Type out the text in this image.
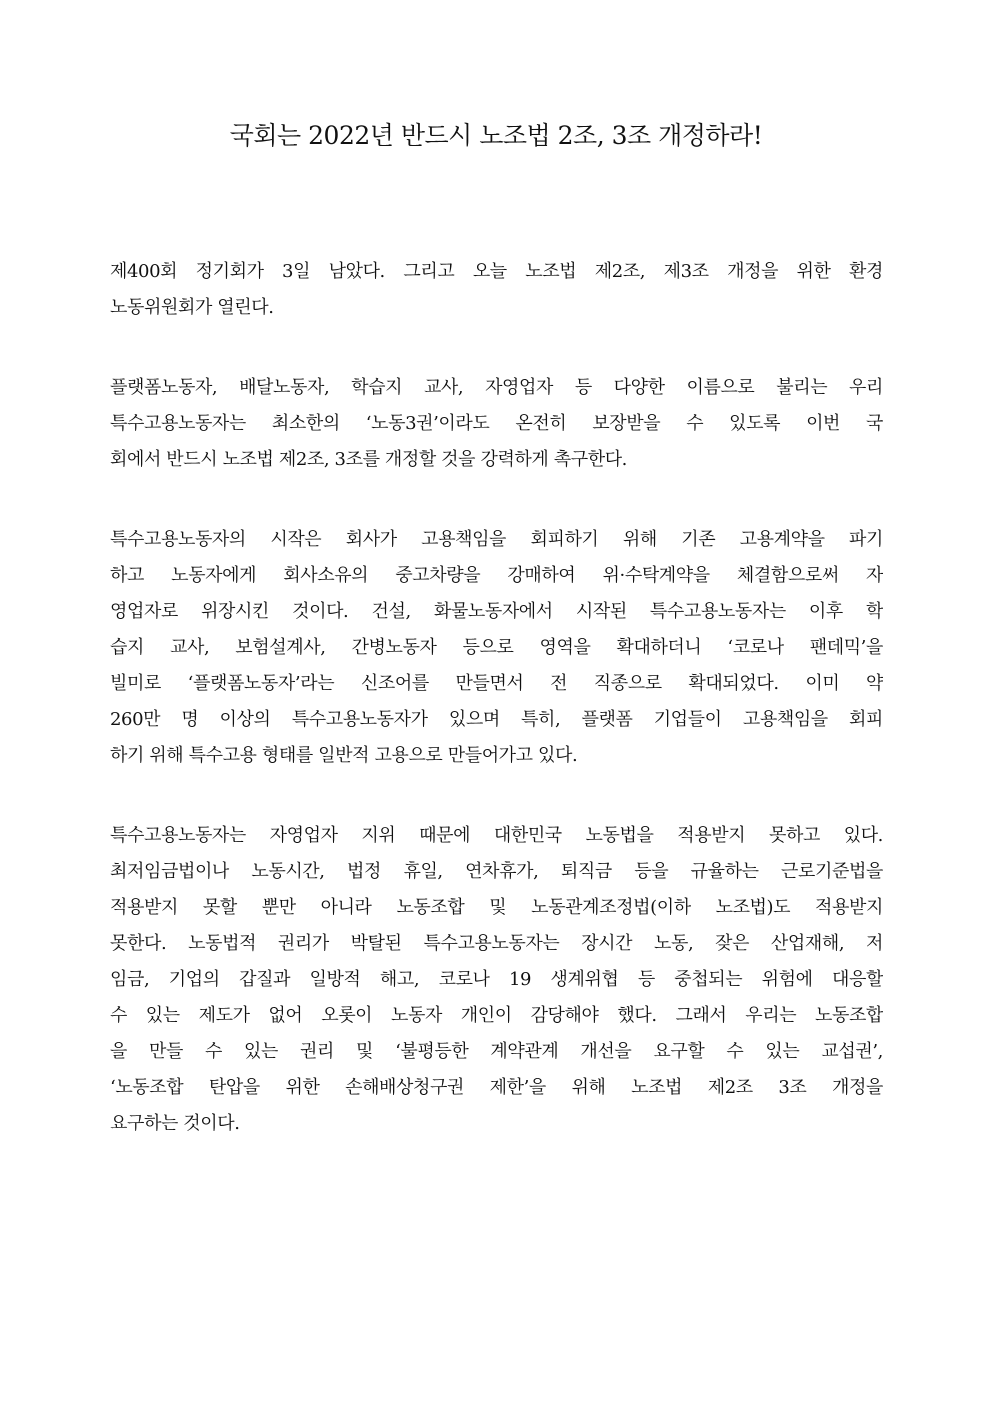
국회는 2022년 반드시 노조법 2조, 3조 개정하라!
제400회 정기회가 3일 남았다. 그리고 오늘 노조법 제2조, 제3조 개정을 위한 환경
노동위원회가 열린다.
플랫폼노동자, 배달노동자, 학습지 교사, 자영업자 등 다양한 이름으로 불리는 우리
특수고용노동자는 최소한의 ‘노동3권’이라도 온전히 보장받을 수 있도록 이번 국
회에서 반드시 노조법 제2조, 3조를 개정할 것을 강력하게 촉구한다.
특수고용노동자의 시작은 회사가 고용책임을 회피하기 위해 기존 고용계약을 파기
하고 노동자에게 회사소유의 중고차량을 강매하여 위·수탁계약을 체결함으로써 자
영업자로 위장시킨 것이다. 건설, 화물노동자에서 시작된 특수고용노동자는 이후 학
습지 교사, 보험설계사, 간병노동자 등으로 영역을 확대하더니 ‘코로나 팬데믹’을
빌미로 ‘플랫폼노동자’라는 신조어를 만들면서 전 직종으로 확대되었다. 이미 약
260만 명 이상의 특수고용노동자가 있으며 특히, 플랫폼 기업들이 고용책임을 회피
하기 위해 특수고용 형태를 일반적 고용으로 만들어가고 있다.
특수고용노동자는 자영업자 지위 때문에 대한민국 노동법을 적용받지 못하고 있다.
최저임금법이나 노동시간, 법정 휴일, 연차휴가, 퇴직금 등을 규율하는 근로기준법을
적용받지 못할 뿐만 아니라 노동조합 및 노동관계조정법(이하 노조법)도 적용받지
못한다. 노동법적 권리가 박탈된 특수고용노동자는 장시간 노동, 잦은 산업재해, 저
임금, 기업의 갑질과 일방적 해고, 코로나 19 생계위협 등 중첩되는 위험에 대응할
수 있는 제도가 없어 오롯이 노동자 개인이 감당해야 했다. 그래서 우리는 노동조합
을 만들 수 있는 권리 및 ‘불평등한 계약관계 개선을 요구할 수 있는 교섭권’,
‘노동조합 탄압을 위한 손해배상청구권 제한’을 위해 노조법 제2조 3조 개정을
요구하는 것이다.
